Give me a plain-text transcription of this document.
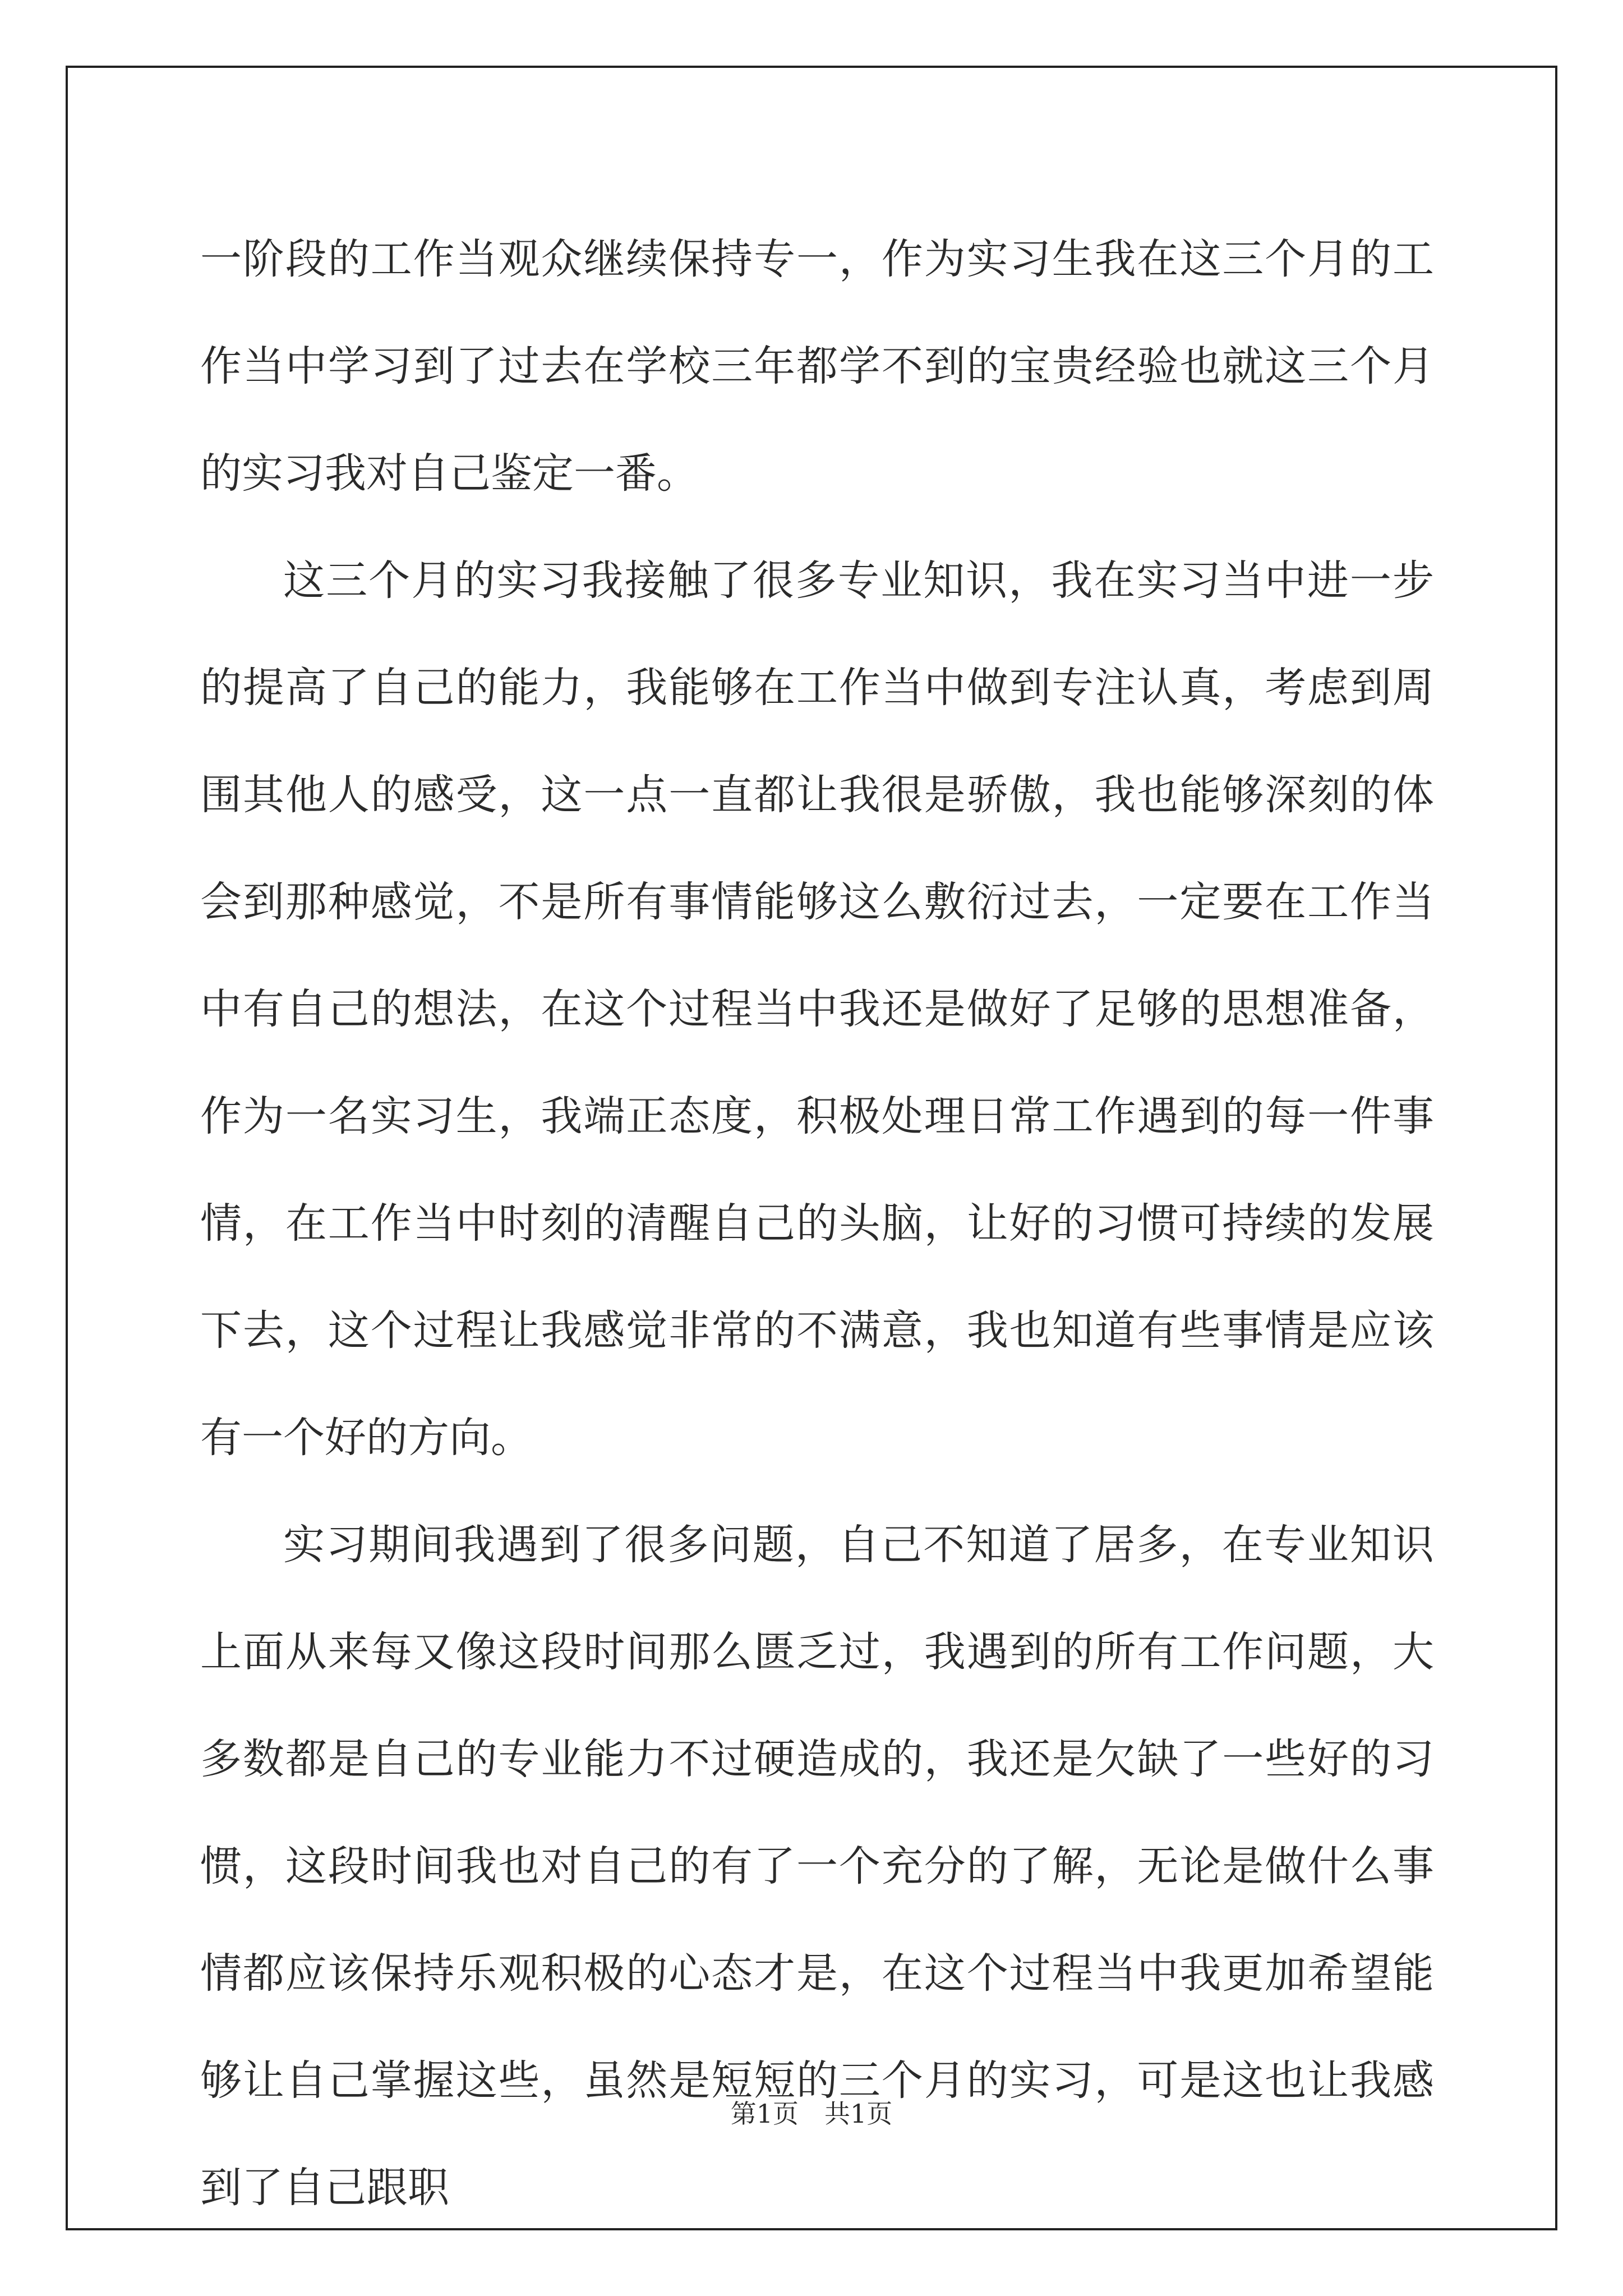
一阶段的工作当观众继续保持专一，作为实习生我在这三个月的工作当中学习到了过去在学校三年都学不到的宝贵经验也就这三个月的实习我对自己鉴定一番。

这三个月的实习我接触了很多专业知识，我在实习当中进一步的提高了自己的能力，我能够在工作当中做到专注认真，考虑到周围其他人的感受，这一点一直都让我很是骄傲，我也能够深刻的体会到那种感觉，不是所有事情能够这么敷衍过去，一定要在工作当中有自己的想法，在这个过程当中我还是做好了足够的思想准备，作为一名实习生，我端正态度，积极处理日常工作遇到的每一件事情，在工作当中时刻的清醒自己的头脑，让好的习惯可持续的发展下去，这个过程让我感觉非常的不满意，我也知道有些事情是应该有一个好的方向。

实习期间我遇到了很多问题，自己不知道了居多，在专业知识上面从来每又像这段时间那么匮乏过，我遇到的所有工作问题，大多数都是自己的专业能力不过硬造成的，我还是欠缺了一些好的习惯，这段时间我也对自己的有了一个充分的了解，无论是做什么事情都应该保持乐观积极的心态才是，在这个过程当中我更加希望能够让自己掌握这些，虽然是短短的三个月的实习，可是这也让我感到了自己跟职

第1页　共1页
